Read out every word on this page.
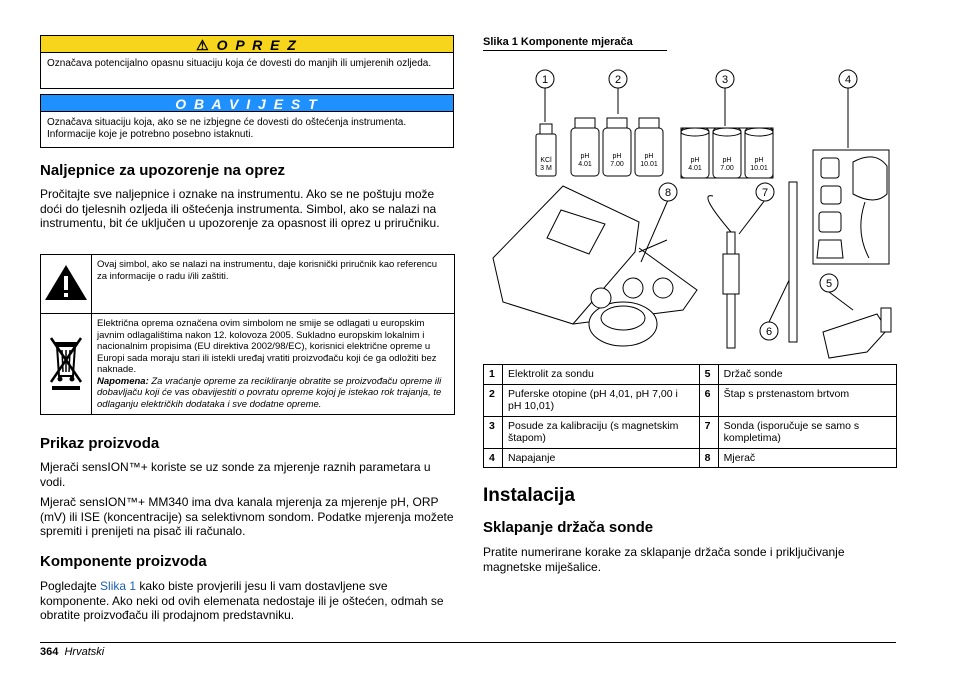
⚠ O P R E Z
Označava potencijalno opasnu situaciju koja će dovesti do manjih ili umjerenih ozljeda.
O B A V I J E S T
Označava situaciju koja, ako se ne izbjegne će dovesti do oštećenja instrumenta. Informacije koje je potrebno posebno istaknuti.
Naljepnice za upozorenje na oprez

Pročitajte sve naljepnice i oznake na instrumentu. Ako se ne poštuju može doći do tjelesnih ozljeda ili oštećenja instrumenta. Simbol, ako se nalazi na instrumentu, bit će uključen u upozorenje za opasnost ili oprez u priručniku.

	Ovaj simbol, ako se nalazi na instrumentu, daje korisnički priručnik kao referencu za informacije o radu i/ili zaštiti.
	Električna oprema označena ovim simbolom ne smije se odlagati u europskim javnim odlagalištima nakon 12. kolovoza 2005. Sukladno europskim lokalnim i nacionalnim propisima (EU direktiva 2002/98/EC), korisnici električne opreme u Europi sada moraju stari ili istekli uređaj vratiti proizvođaču koji će ga odložiti bez naknade.
Napomena: Za vraćanje opreme za recikliranje obratite se proizvođaču opreme ili dobavljaču koji će vas obavijestiti o povratu opreme kojoj je istekao rok trajanja, te odlaganju električkih dodataka i sve dodatne opreme.
Prikaz proizvoda

Mjerači sensION™+ koriste se uz sonde za mjerenje raznih parametara u vodi.

Mjerač sensION™+ MM340 ima dva kanala mjerenja za mjerenje pH, ORP (mV) ili ISE (koncentracije) sa selektivnom sondom. Podatke mjerenja možete spremiti i prenijeti na pisač ili računalo.

Komponente proizvoda

Pogledajte Slika 1 kako biste provjerili jesu li vam dostavljene sve komponente. Ako neki od ovih elemenata nedostaje ili je oštećen, odmah se obratite proizvođaču ili prodajnom predstavniku.

Slika 1 Komponente mjerača
1	2	3	4
8	7
5
6
KCl
3 M
pH
4.01
pH
7.00
pH
10.01
pH
4.01
pH
7.00
pH
10.01
1	Elektrolit za sondu	5	Držač sonde
2	Puferske otopine (pH 4,01, pH 7,00 i pH 10,01)	6	Štap s prstenastom brtvom
3	Posude za kalibraciju (s magnetskim štapom)	7	Sonda (isporučuje se samo s kompletima)
4	Napajanje	8	Mjerač
Instalacija
Sklapanje držača sonde

Pratite numerirane korake za sklapanje držača sonde i priključivanje magnetske miješalice.

364 Hrvatski
